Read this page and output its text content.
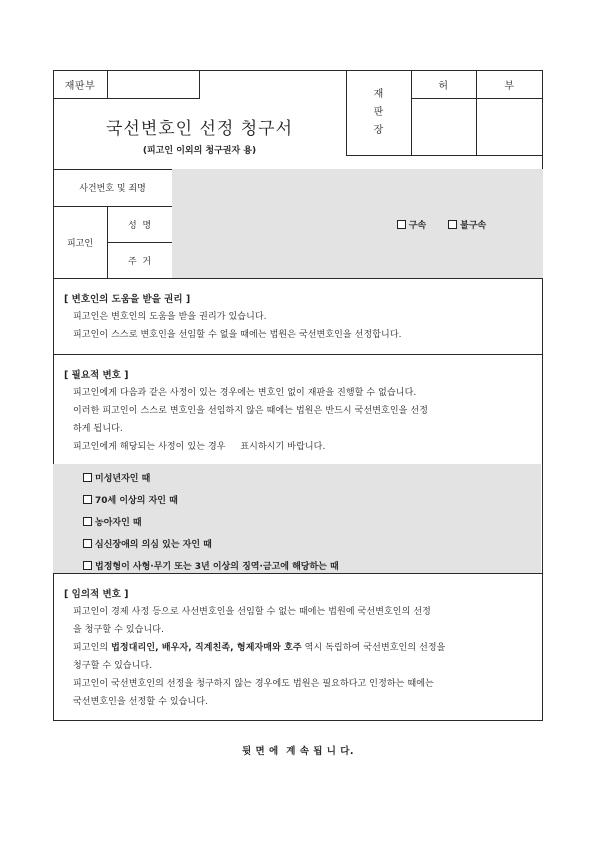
재판부
재
판
장
허	부
국선변호인 선정 청구서
(피고인 이외의 청구권자 용)
사건번호 및 죄명
피고인
성  명	구속	불구속
주  거
[ 변호인의 도움을 받을 권리 ]
피고인은 변호인의 도움을 받을 권리가 있습니다.
피고인이 스스로 변호인을 선임할 수 없을 때에는 법원은 국선변호인을 선정합니다.
[ 필요적 변호 ]
피고인에게 다음과 같은 사정이 있는 경우에는 변호인 없이 재판을 진행할 수 없습니다.
이러한 피고인이 스스로 변호인을 선임하지 않은 때에는 법원은 반드시 국선변호인을 선정
하게 됩니다.
피고인에게 해당되는 사정이 있는 경우     표시하시기 바랍니다.
미성년자인 때
70세 이상의 자인 때
농아자인 때
심신장애의 의심 있는 자인 때
법정형이 사형·무기 또는 3년 이상의 징역·금고에 해당하는 때
[ 임의적 변호 ]
피고인이 경제 사정 등으로 사선변호인을 선임할 수 없는 때에는 법원에 국선변호인의 선정
을 청구할 수 있습니다.
피고인의 법정대리인, 배우자, 직계친족, 형제자매와 호주 역시 독립하여 국선변호인의 선정을
청구할 수 있습니다.
피고인이 국선변호인의 선정을 청구하지 않는 경우에도 법원은 필요하다고 인정하는 때에는
국선변호인을 선정할 수 있습니다.
뒷 면 에  계 속 됩 니 다.
